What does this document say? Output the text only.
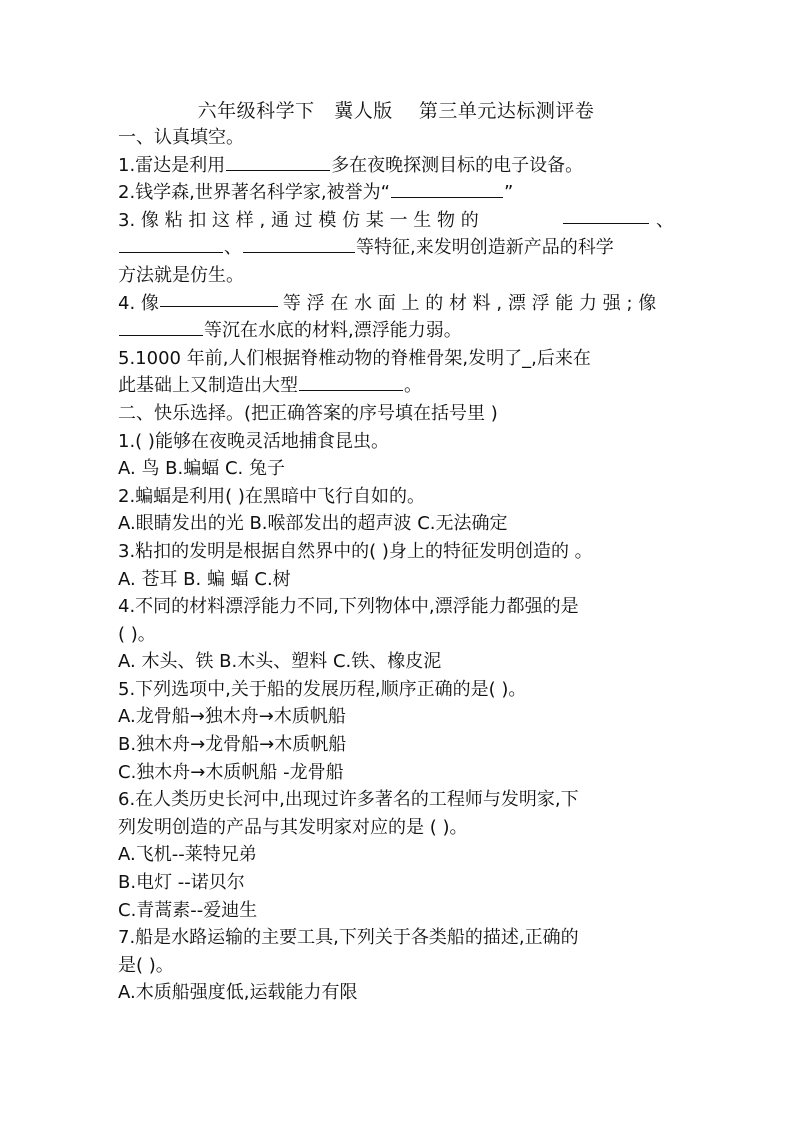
六年级科学下   冀人版    第三单元达标测评卷
一、认真填空。
1.雷达是利用	多在夜晚探测目标的电子设备。
2.钱学森,世界著名科学家,被誉为“	”
3. 像 粘 扣 这 样 , 通 过 模 仿 某 一 生 物 的	、
、	等特征,来发明创造新产品的科学
方法就是仿生。
4. 像	等 浮 在 水 面 上 的 材 料 , 漂 浮 能 力 强 ; 像
等沉在水底的材料,漂浮能力弱。
5.1000 年前,人们根据脊椎动物的脊椎骨架,发明了_,后来在
此基础上又制造出大型	。
二、快乐选择。(把正确答案的序号填在括号里 )
1.( )能够在夜晚灵活地捕食昆虫。
A. 鸟 B.蝙蝠 C. 兔子
2.蝙蝠是利用( )在黑暗中飞行自如的。
A.眼睛发出的光 B.喉部发出的超声波 C.无法确定
3.粘扣的发明是根据自然界中的( )身上的特征发明创造的 。
A. 苍耳 B. 蝙 蝠 C.树
4.不同的材料漂浮能力不同,下列物体中,漂浮能力都强的是
( )。
A. 木头、铁 B.木头、塑料 C.铁、橡皮泥
5.下列选项中,关于船的发展历程,顺序正确的是( )。
A.龙骨船→独木舟→木质帆船
B.独木舟→龙骨船→木质帆船
C.独木舟→木质帆船 -龙骨船
6.在人类历史长河中,出现过许多著名的工程师与发明家,下
列发明创造的产品与其发明家对应的是 ( )。
A.飞机--莱特兄弟
B.电灯 --诺贝尔
C.青蒿素--爱迪生
7.船是水路运输的主要工具,下列关于各类船的描述,正确的
是( )。
A.木质船强度低,运载能力有限
